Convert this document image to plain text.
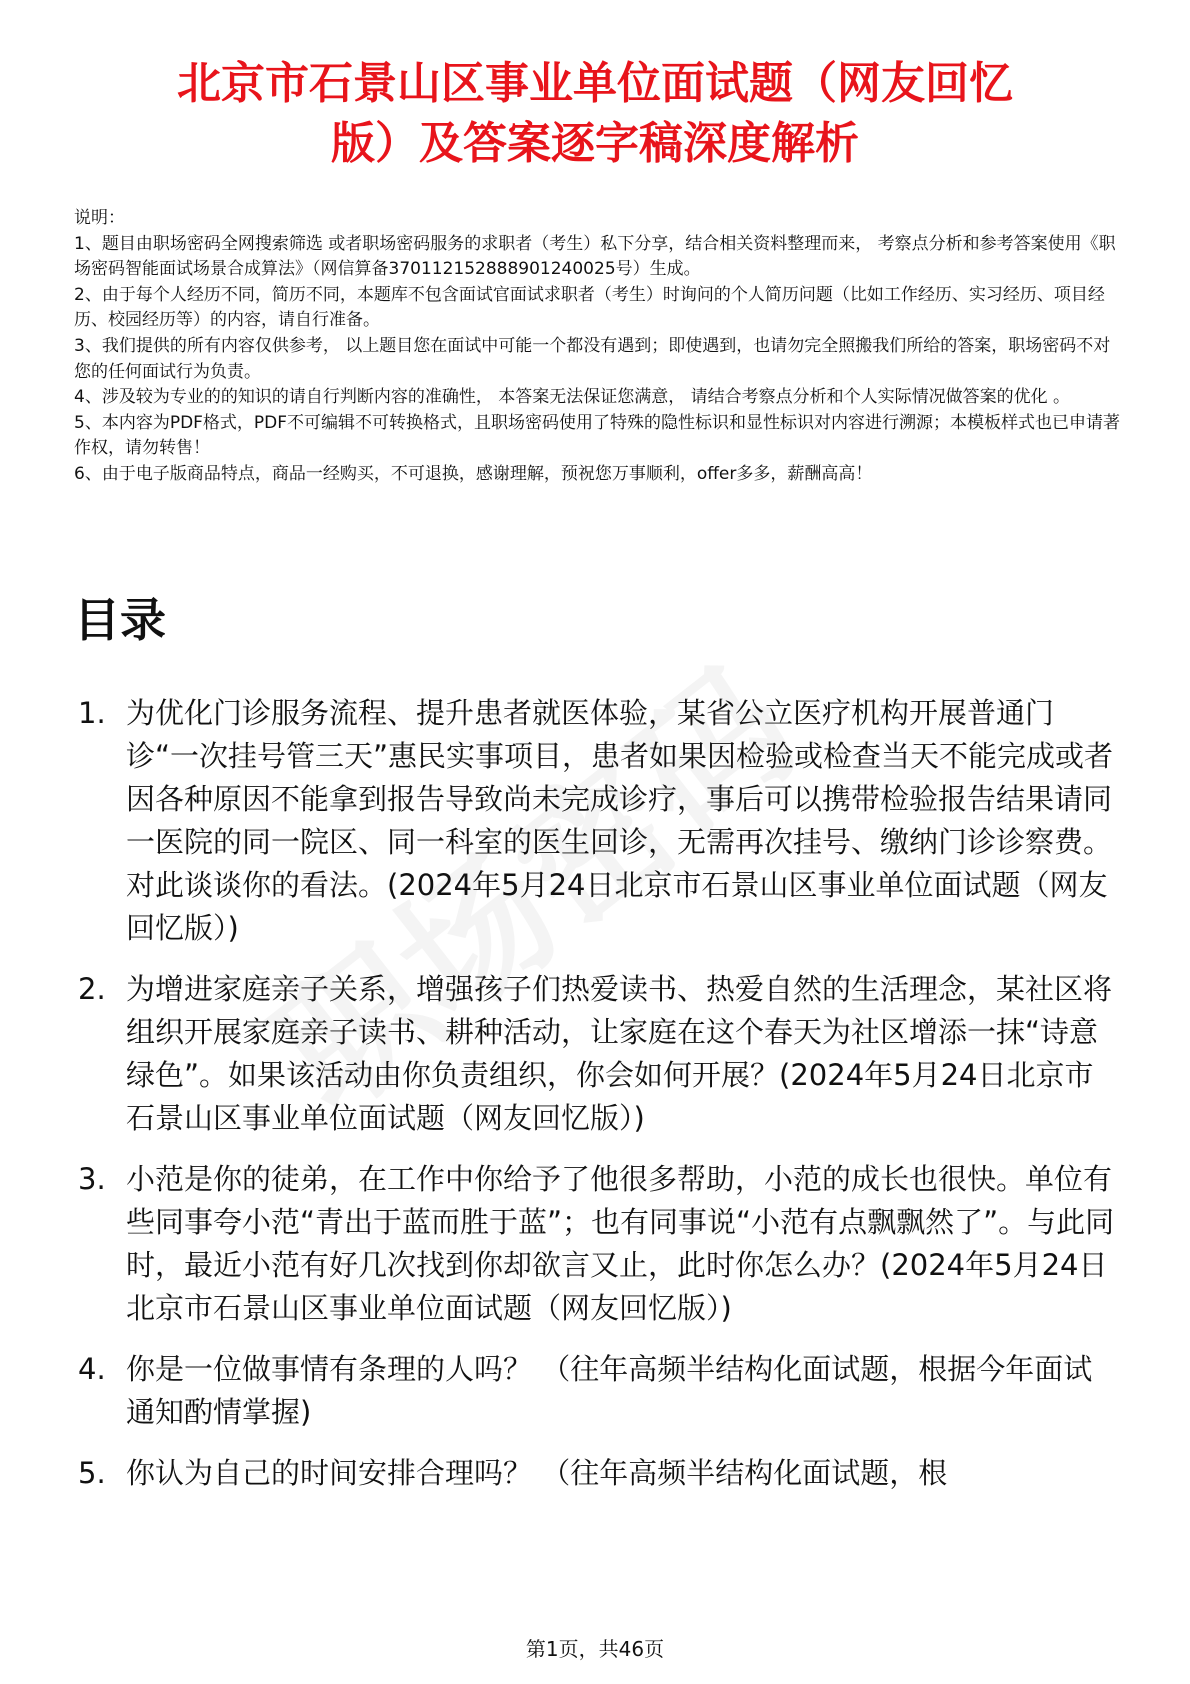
北京市石景山区事业单位面试题（网友回忆
版）及答案逐字稿深度解析

说明：

1、题目由职场密码全网搜索筛选 或者职场密码服务的求职者（考生）私下分享，结合相关资料整理而来， 考察点分析和参考答案使用《职场密码智能面试场景合成算法》（网信算备370112152888901240025号）生成。

2、由于每个人经历不同，简历不同，本题库不包含面试官面试求职者（考生）时询问的个人简历问题（比如工作经历、实习经历、项目经历、校园经历等）的内容，请自行准备。

3、我们提供的所有内容仅供参考， 以上题目您在面试中可能一个都没有遇到；即使遇到，也请勿完全照搬我们所给的答案，职场密码不对您的任何面试行为负责。

4、涉及较为专业的的知识的请自行判断内容的准确性， 本答案无法保证您满意， 请结合考察点分析和个人实际情况做答案的优化 。

5、本内容为PDF格式，PDF不可编辑不可转换格式，且职场密码使用了特殊的隐性标识和显性标识对内容进行溯源；本模板样式也已申请著作权，请勿转售！

6、由于电子版商品特点，商品一经购买，不可退换，感谢理解，预祝您万事顺利，offer多多，薪酬高高！

目录
1. 为优化门诊服务流程、提升患者就医体验，某省公立医疗机构开展普通门诊“一次挂号管三天”惠民实事项目，患者如果因检验或检查当天不能完成或者因各种原因不能拿到报告导致尚未完成诊疗，事后可以携带检验报告结果请同一医院的同一院区、同一科室的医生回诊，无需再次挂号、缴纳门诊诊察费。对此谈谈你的看法。(2024年5月24日北京市石景山区事业单位面试题（网友回忆版）)
2. 为增进家庭亲子关系，增强孩子们热爱读书、热爱自然的生活理念，某社区将组织开展家庭亲子读书、耕种活动，让家庭在这个春天为社区增添一抹“诗意绿色”。如果该活动由你负责组织，你会如何开展？(2024年5月24日北京市石景山区事业单位面试题（网友回忆版）)
3. 小范是你的徒弟，在工作中你给予了他很多帮助，小范的成长也很快。单位有些同事夸小范“青出于蓝而胜于蓝”；也有同事说“小范有点飘飘然了”。与此同时，最近小范有好几次找到你却欲言又止，此时你怎么办？(2024年5月24日北京市石景山区事业单位面试题（网友回忆版）)
4. 你是一位做事情有条理的人吗？ （往年高频半结构化面试题，根据今年面试通知酌情掌握)
5. 你认为自己的时间安排合理吗？ （往年高频半结构化面试题，根
第1页，共46页
